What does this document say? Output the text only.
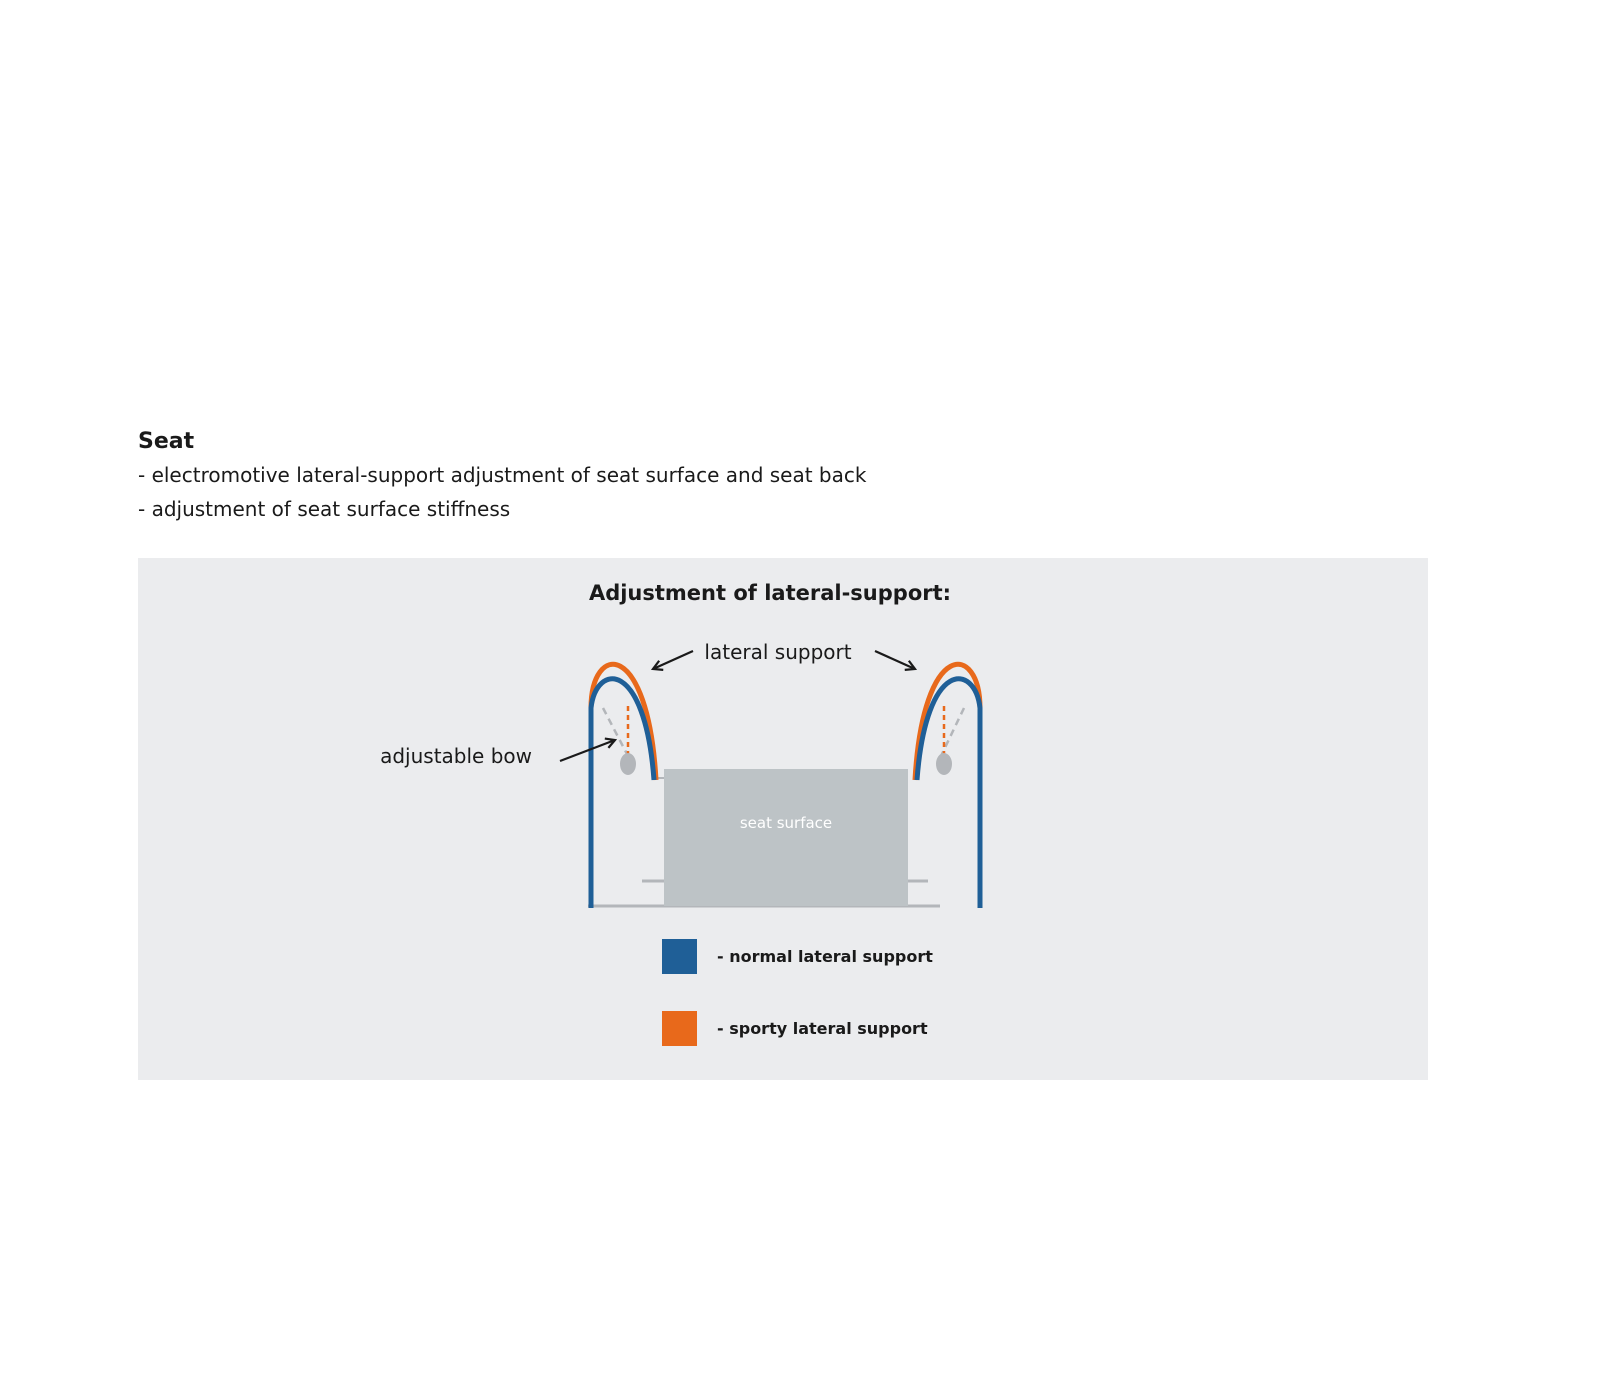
Seat

- electromotive lateral-support adjustment of seat surface and seat back

- adjustment of seat surface stiffness

Adjustment of lateral-support:
seat surface
lateral support
adjustable bow
- normal lateral support
- sporty lateral support
